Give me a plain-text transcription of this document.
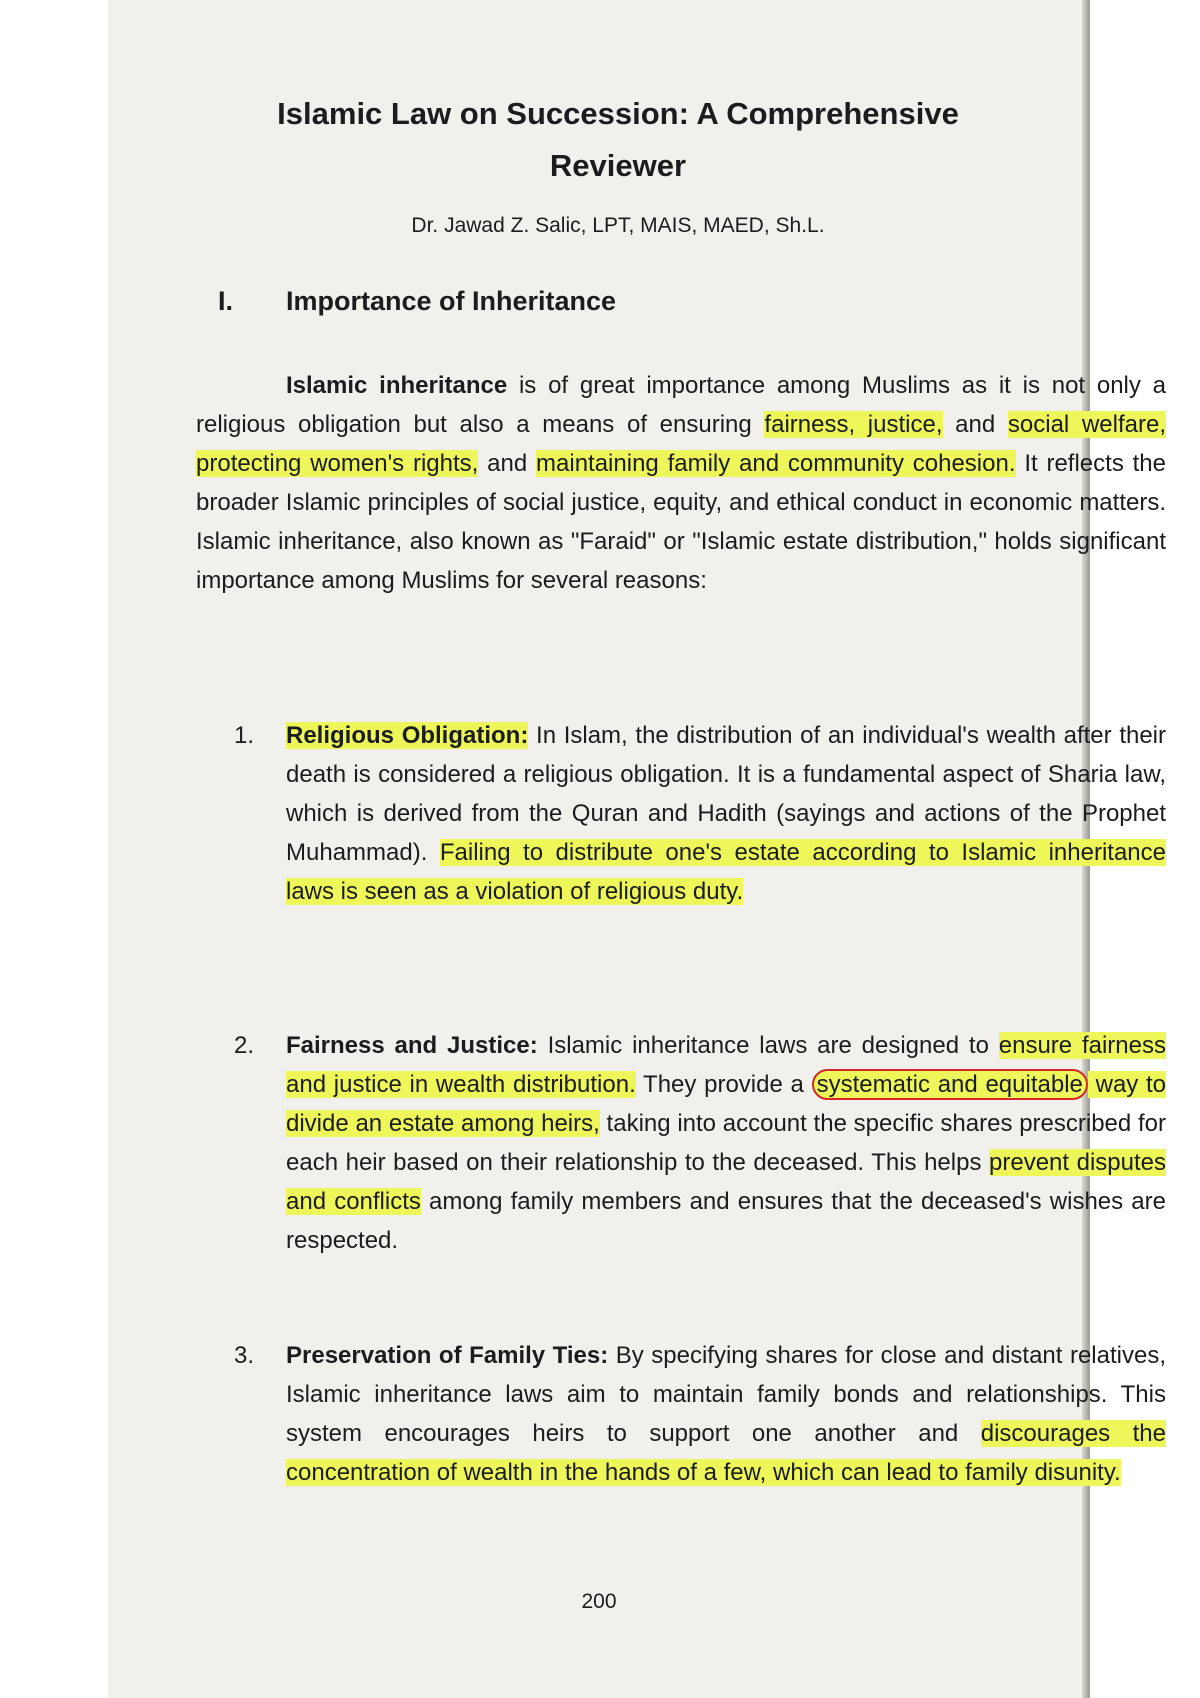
Islamic Law on Succession: A Comprehensive Reviewer
Dr. Jawad Z. Salic, LPT, MAIS, MAED, Sh.L.
I. Importance of Inheritance

Islamic inheritance is of great importance among Muslims as it is not only a religious obligation but also a means of ensuring fairness, justice, and social welfare, protecting women's rights, and maintaining family and community cohesion. It reflects the broader Islamic principles of social justice, equity, and ethical conduct in economic matters. Islamic inheritance, also known as "Faraid" or "Islamic estate distribution," holds significant importance among Muslims for several reasons:

1. Religious Obligation: In Islam, the distribution of an individual's wealth after their death is considered a religious obligation. It is a fundamental aspect of Sharia law, which is derived from the Quran and Hadith (sayings and actions of the Prophet Muhammad). Failing to distribute one's estate according to Islamic inheritance laws is seen as a violation of religious duty.

2. Fairness and Justice: Islamic inheritance laws are designed to ensure fairness and justice in wealth distribution. They provide a systematic and equitable way to divide an estate among heirs, taking into account the specific shares prescribed for each heir based on their relationship to the deceased. This helps prevent disputes and conflicts among family members and ensures that the deceased's wishes are respected.

3. Preservation of Family Ties: By specifying shares for close and distant relatives, Islamic inheritance laws aim to maintain family bonds and relationships. This system encourages heirs to support one another and discourages the concentration of wealth in the hands of a few, which can lead to family disunity.

200
